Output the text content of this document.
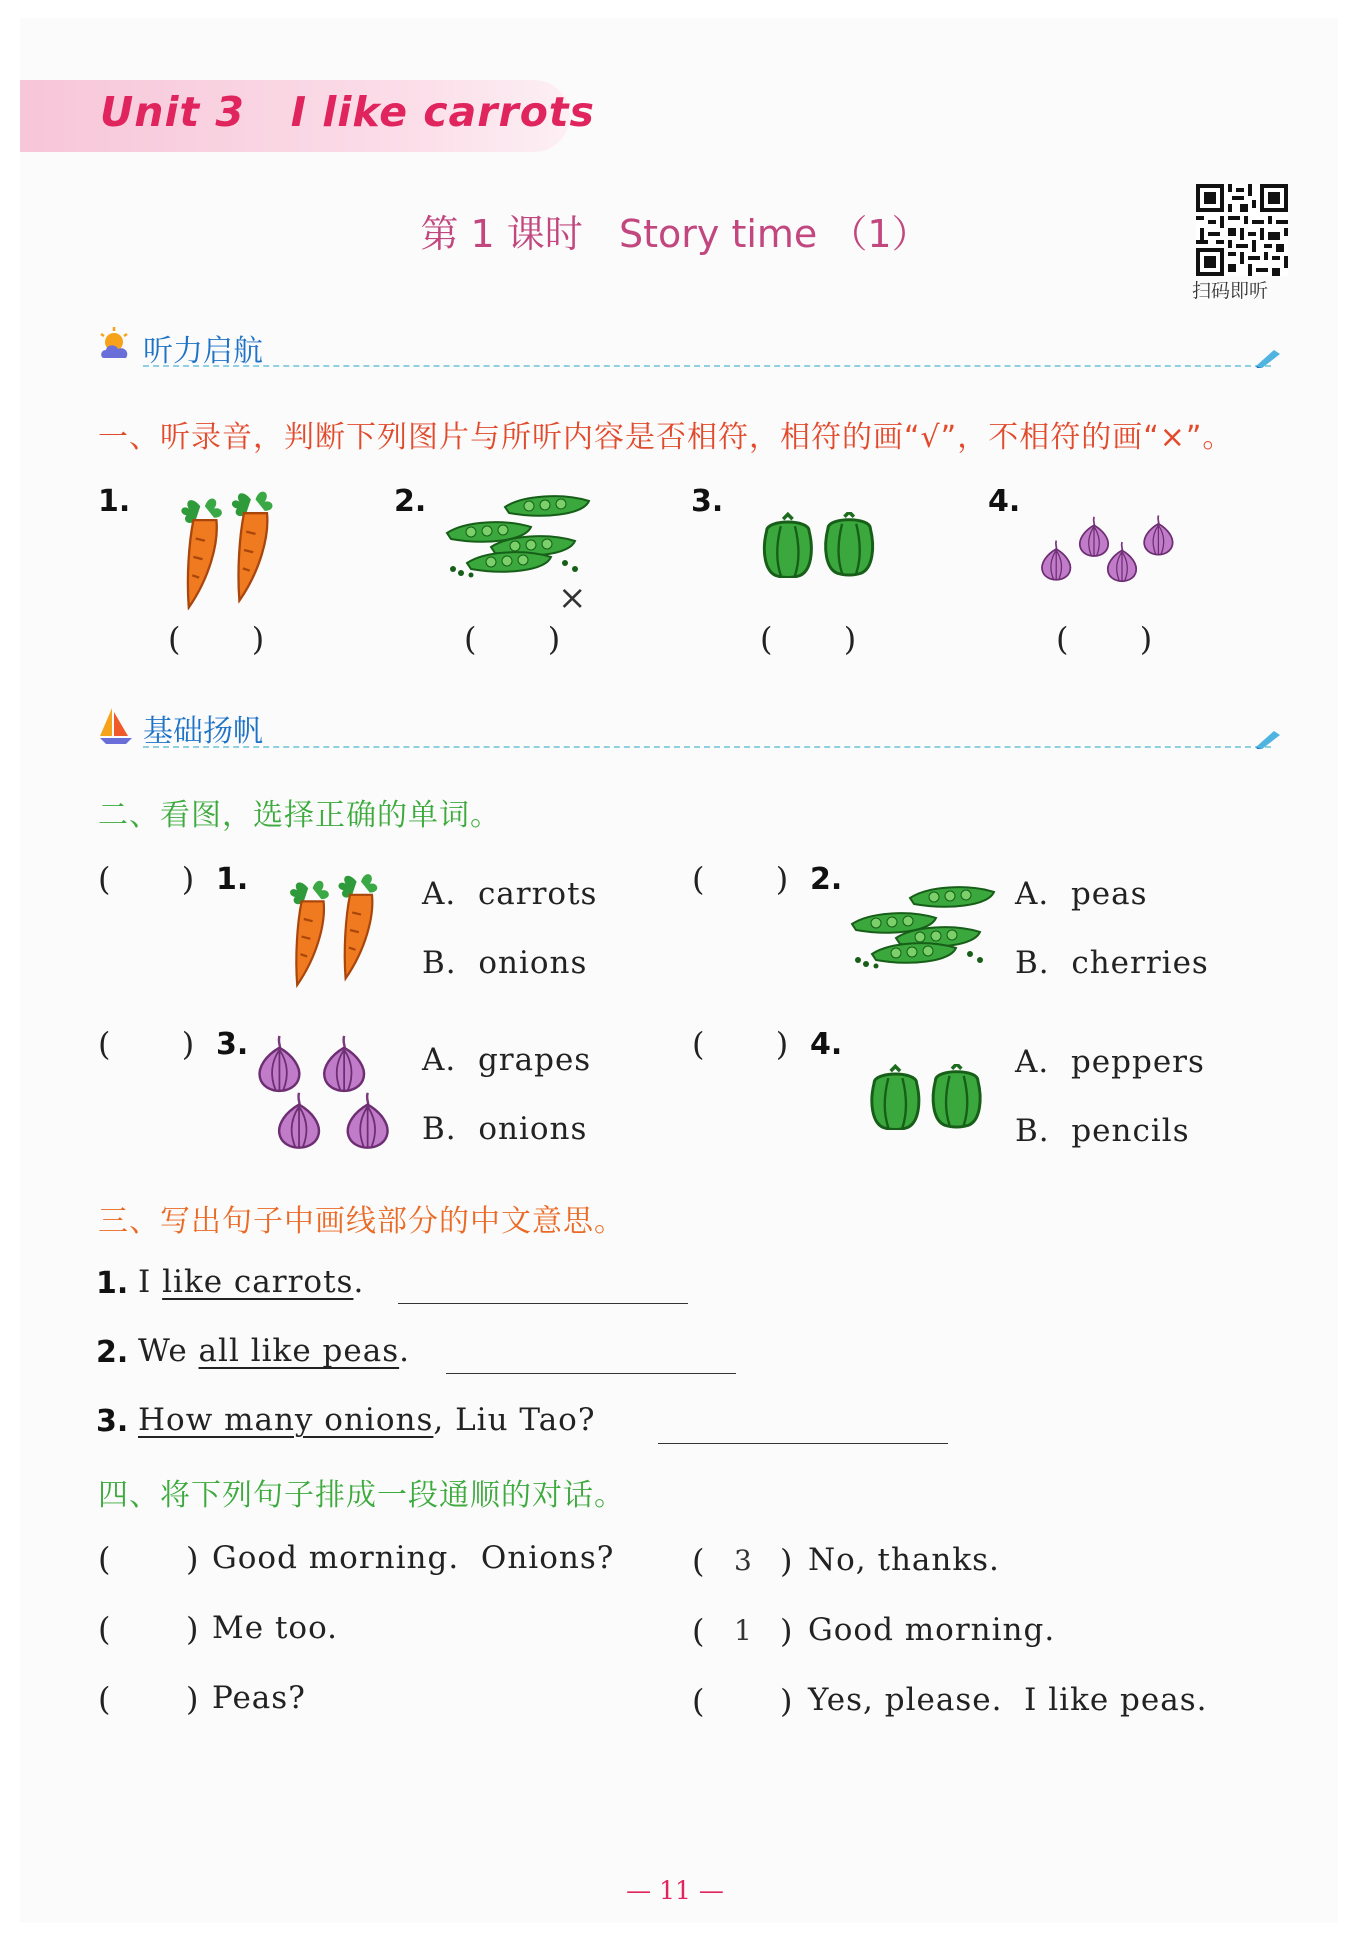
Unit 3   I like carrots
第 1 课时   Story time （1）
扫码即听
听力启航
一、听录音，判断下列图片与所听内容是否相符，相符的画“√”，不相符的画“×”。
1.
(       )
2.
×
(       )
3.
(       )
4.
(       )
基础扬帆
二、看图，选择正确的单词。
(       ) 1.	A.  carrots
B.  onions
(       ) 2.	A.  peas
B.  cherries
(       ) 3.	A.  grapes
B.  onions
(       ) 4.	A.  peppers
B.  pencils
三、写出句子中画线部分的中文意思。
1. I like carrots.
2. We all like peas.
3. How many onions, Liu Tao?
四、将下列句子排成一段通顺的对话。
( ) Good morning.  Onions?
( ) Me too.
( ) Peas?
( 3 ) No, thanks.
( 1 ) Good morning.
( ) Yes, please.  I like peas.
— 11 —
